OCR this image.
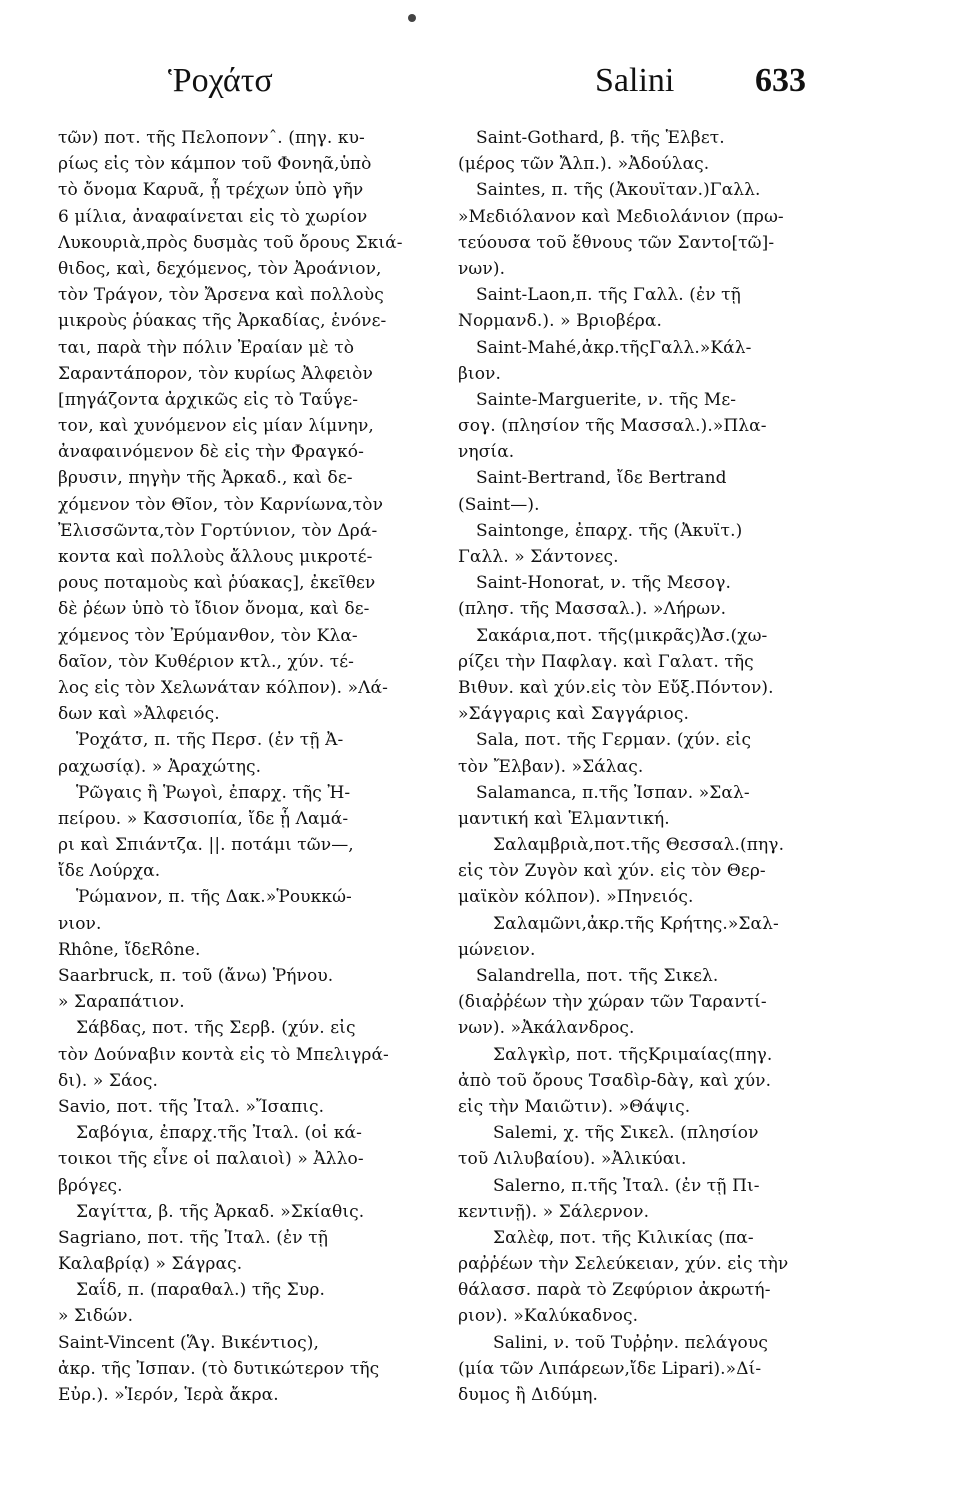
Ῥοχάτσ	Salini 633
τῶν) ποτ. τῆς Πελοποννˆ. (πηγ. κυ-
ρίως εἰς τὸν κάμπον τοῦ Φονηᾶ,ὑπὸ
τὸ ὄνομα Καρυᾶ, ᾗ τρέχων ὑπὸ γῆν
6 μίλια, ἀναφαίνεται εἰς τὸ χωρίον
Λυκουριὰ,πρὸς δυσμὰς τοῦ ὄρους Σκιά-
θιδος, καὶ, δεχόμενος, τὸν Ἀροάνιον,
τὸν Τράγον, τὸν Ἄρσενα καὶ πολλοὺς
μικροὺς ῥύακας τῆς Ἀρκαδίας, ἑνόνε-
ται, παρὰ τὴν πόλιν Ἐραίαν μὲ τὸ
Σαραντάπορον, τὸν κυρίως Ἀλφειὸν
[πηγάζοντα ἀρχικῶς εἰς τὸ Ταΰγε-
τον, καὶ χυνόμενον εἰς μίαν λίμνην,
ἀναφαινόμενον δὲ εἰς τὴν Φραγκό-
βρυσιν, πηγὴν τῆς Ἀρκαδ., καὶ δε-
χόμενον τὸν Θῖον, τὸν Καρνίωνα,τὸν
Ἐλισσῶντα,τὸν Γορτύνιον, τὸν Δρά-
κοντα καὶ πολλοὺς ἄλλους μικροτέ-
ρους ποταμοὺς καὶ ῥύακας], ἐκεῖθεν
δὲ ῥέων ὑπὸ τὸ ἴδιον ὄνομα, καὶ δε-
χόμενος τὸν Ἐρύμανθον, τὸν Κλα-
δαῖον, τὸν Κυθέριον κτλ., χύν. τέ-
λος εἰς τὸν Χελωνάταν κόλπον). »Λά-
δων καὶ »Ἀλφειός.
Ῥοχάτσ, π. τῆς Περσ. (ἐν τῇ Ἀ-
ραχωσίᾳ). » Ἀραχώτης.
Ῥῶγαις ἢ Ῥωγοὶ, ἐπαρχ. τῆς Ἠ-
πείρου. » Κασσιοπία, ἴδε ᾗ Λαμά-
ρι καὶ Σπιάντζα. ||. ποτάμι τῶν—,
ἴδε Λούρχα.
Ῥώμανον, π. τῆς Δακ.»Ῥουκκώ-
νιον.
Rhône, ἴδεRône.
Saarbruck, π. τοῦ (ἄνω) Ῥήνου.
» Σαραπάτιον.
Σάβδας, ποτ. τῆς Σερβ. (χύν. εἰς
τὸν Δούναβιν κοντὰ εἰς τὸ Μπελιγρά-
δι). » Σάος.
Savio, ποτ. τῆς Ἰταλ. »Ἴσαπις.
Σαβόγια, ἐπαρχ.τῆς Ἰταλ. (οἱ κά-
τοικοι τῆς εἶνε οἱ παλαιοὶ) » Ἀλλο-
βρόγες.
Σαγίττα, β. τῆς Ἀρκαδ. »Σκίαθις.
Sagriano, ποτ. τῆς Ἰταλ. (ἐν τῇ
Καλαβρίᾳ) » Σάγρας.
Σαΐδ, π. (παραθαλ.) τῆς Συρ.
» Σιδών.
Saint-Vincent (Ἅγ. Βικέντιος),
ἀκρ. τῆς Ἰσπαν. (τὸ δυτικώτερον τῆς
Εὐρ.). »Ἱερόν, Ἱερὰ ἄκρα.
Saint-Gothard, β. τῆς Ἑλβετ.
(μέρος τῶν Ἄλπ.). »Ἀδούλας.
Saintes, π. τῆς (Ἀκουϊταν.)Γαλλ.
»Μεδιόλανον καὶ Μεδιολάνιον (πρω-
τεύουσα τοῦ ἔθνους τῶν Σαντο[τῶ]-
νων).
Saint-Laon,π. τῆς Γαλλ. (ἐν τῇ
Νορμανδ.). » Βριοβέρα.
Saint-Mahé,ἀκρ.τῆςΓαλλ.»Κάλ-
βιον.
Sainte-Marguerite, ν. τῆς Με-
σογ. (πλησίον τῆς Μασσαλ.).»Πλα-
νησία.
Saint-Bertrand, ἴδε Bertrand
(Saint—).
Saintonge, ἐπαρχ. τῆς (Ἀκυϊτ.)
Γαλλ. » Σάντονες.
Saint-Honorat, ν. τῆς Μεσογ.
(πλησ. τῆς Μασσαλ.). »Λήρων.
Σακάρια,ποτ. τῆς(μικρᾶς)Ἀσ.(χω-
ρίζει τὴν Παφλαγ. καὶ Γαλατ. τῆς
Βιθυν. καὶ χύν.εἰς τὸν Εὔξ.Πόντον).
»Σάγγαρις καὶ Σαγγάριος.
Sala, ποτ. τῆς Γερμαν. (χύν. εἰς
τὸν Ἔλβαν). »Σάλας.
Salamanca, π.τῆς Ἰσπαν. »Σαλ-
μαντική καὶ Ἑλμαντική.
Σαλαμβριὰ,ποτ.τῆς Θεσσαλ.(πηγ.
εἰς τὸν Ζυγὸν καὶ χύν. εἰς τὸν Θερ-
μαϊκὸν κόλπον). »Πηνειός.
Σαλαμῶνι,ἀκρ.τῆς Κρήτης.»Σαλ-
μώνειον.
Salandrella, ποτ. τῆς Σικελ.
(διαῤῥέων τὴν χώραν τῶν Ταραντί-
νων). »Ἀκάλανδρος.
Σαλγκὶρ, ποτ. τῆςΚριμαίας(πηγ.
ἀπὸ τοῦ ὄρους Τσαδὶρ-δὰγ, καὶ χύν.
εἰς τὴν Μαιῶτιν). »Θάψις.
Salemi, χ. τῆς Σικελ. (πλησίον
τοῦ Λιλυβαίου). »Ἀλικύαι.
Salerno, π.τῆς Ἰταλ. (ἐν τῇ Πι-
κεντινῇ). » Σάλερνον.
Σαλὲφ, ποτ. τῆς Κιλικίας (πα-
ραῤῥέων τὴν Σελεύκειαν, χύν. εἰς τὴν
θάλασσ. παρὰ τὸ Ζεφύριον ἀκρωτή-
ριον). »Καλύκαδνος.
Salini, ν. τοῦ Τυῤῥην. πελάγους
(μία τῶν Λιπάρεων,ἴδε Lipari).»Δί-
δυμος ἢ Διδύμη.
